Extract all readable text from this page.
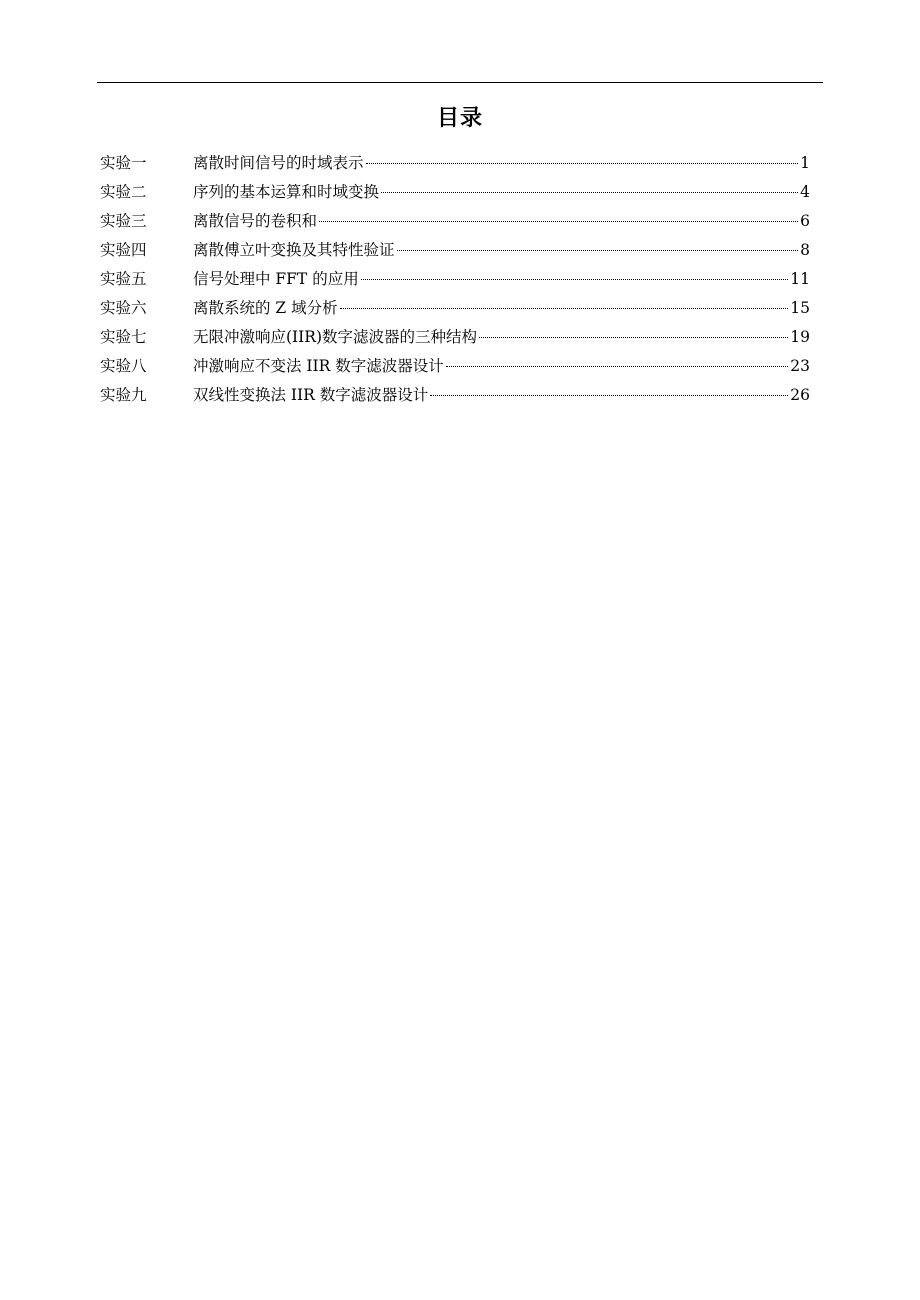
目录
实验一	离散时间信号的时域表示	1
实验二	序列的基本运算和时域变换	4
实验三	离散信号的卷积和	6
实验四	离散傅立叶变换及其特性验证	8
实验五	信号处理中 FFT 的应用	11
实验六	离散系统的 Z 域分析	15
实验七	无限冲激响应(IIR)数字滤波器的三种结构	19
实验八	冲激响应不变法 IIR 数字滤波器设计	23
实验九	双线性变换法 IIR 数字滤波器设计	26
